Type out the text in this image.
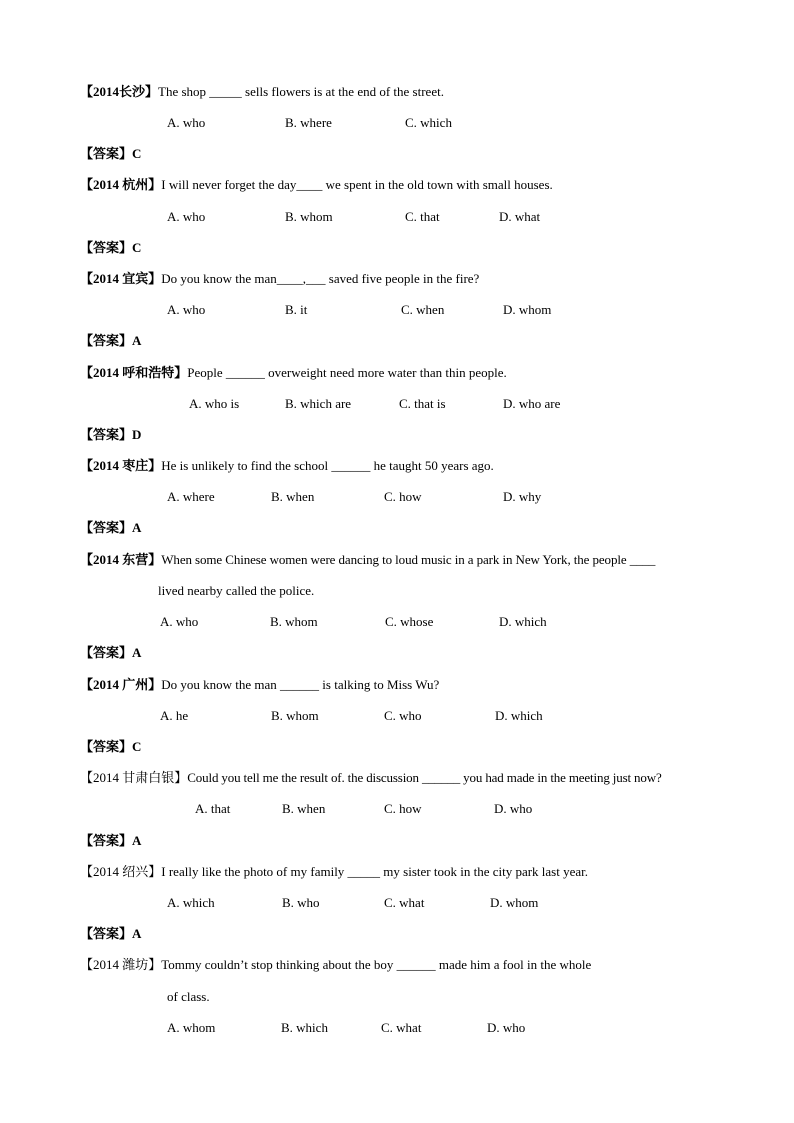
【2014长沙】The shop _____ sells flowers is at the end of the street.
A. who	B. where	C. which
【答案】C
【2014 杭州】I will never forget the day____ we spent in the old town with small houses.
A. who	B. whom	C. that	D. what
【答案】C
【2014 宜宾】Do you know the man____,___ saved five people in the fire?
A. who	B. it	C. when	D. whom
【答案】A
【2014 呼和浩特】People ______ overweight need more water than thin people.
A. who is	B. which are	C. that is	D. who are
【答案】D
【2014 枣庄】He is unlikely to find the school ______ he taught 50 years ago.
A. where	B. when	C. how	D. why
【答案】A
【2014 东营】When some Chinese women were dancing to loud music in a park in New York, the people ____
lived nearby called the police.
A. who	B. whom	C. whose	D. which
【答案】A
【2014 广州】Do you know the man ______ is talking to Miss Wu?
A. he	B. whom	C. who	D. which
【答案】C
【2014 甘肃白银】Could you tell me the result of. the discussion ______ you had made in the meeting just now?
A. that	B. when	C. how	D. who
【答案】A
【2014 绍兴】I really like the photo of my family _____ my sister took in the city park last year.
A. which	B. who	C. what	D. whom
【答案】A
【2014 潍坊】Tommy couldn’t stop thinking about the boy ______ made him a fool in the whole
of class.
A. whom	B. which	C. what	D. who
